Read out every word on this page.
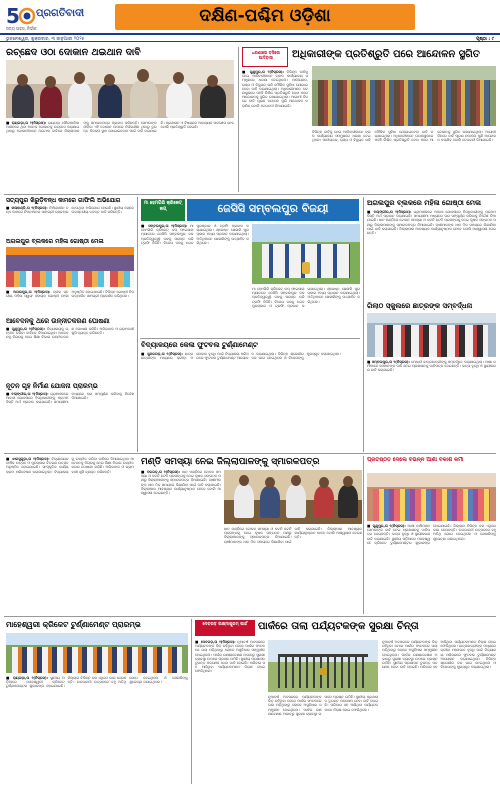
5 ପ୍ରଗତିବାଦୀ
ସତ୍ୟ ସାହସ, ନିର୍ଭୀକ
ଦକ୍ଷିଣ-ପଶ୍ଚିମ ଓଡ଼ିଶା
ଭୁବନେଶ୍ୱର, ଶୁକ୍ରବାର, ୩ ଜାନୁଆରୀ ୨୦୨୫	ପୃଷ୍ଠା : ୯
ରଚ୍ଛେଦ ଓଠା ଦୋକାନ ଥଇଥାନ ଦାବି

■ ରାୟଗଡ଼ା,ତା ୨(ନିସ୍ରସ): ରାୟଗଡ଼ା ପୌରପାଳିକା ଅଧୀନରେ ଥିବା ଅନେକ ଦୋକାନକୁ ଉଚ୍ଛେଦ କରାଯାଇଥିବାରୁ ଦୋକାନୀମାନେ ଥଇଥାନ ଦାବିରେ ଜିଲ୍ଲାପାଳଙ୍କୁ ସ୍ମାରକପତ୍ର ପ୍ରଦାନ କରିଛନ୍ତି। ସେମାନଙ୍କ ଜୀବିକା ଏହି ଦୋକାନ ଉପରେ ନିର୍ଭରଶୀଳ ଥିବାରୁ ତୁରନ୍ତ ବିକଳ୍ପ ସ୍ଥାନ ଯୋଗାଇଦେବା ପାଇଁ ଦାବି କରାଯାଇଛି। ପ୍ରଶାସନ ଏ ବିଷୟରେ ଆବଶ୍ୟକ ପଦକ୍ଷେପ ନେବ ବୋଲି ପ୍ରତିଶ୍ରୁତି ଦେଇଛି।

ଧରଣାରେ ବସିଲେ ଆଦିବାସୀ	ଅଧିକାରୀଙ୍କ ପ୍ରତିଶ୍ରୁତି ପରେ ଆନ୍ଦୋଳନ ସ୍ଥଗିତ

■ ଗୁଣୁପୁର,ତା ୨(ନିସ୍ରସ): ବିଭିନ୍ନ ଦାବିକୁ ନେଇ ଆଦିବାସୀମାନେ ବ୍ଲକ କାର୍ଯ୍ୟାଳୟ ସମ୍ମୁଖରେ ଧରଣା ଦେଇଥିଲେ। ପାନୀୟଜଳ, ରାସ୍ତା ଓ ବିଦ୍ୟୁତ ଭଳି ମୌଳିକ ସୁବିଧା ଯୋଗାଇଦେବା ଦାବି କରାଯାଇଥିଲା। ଅଧିକାରୀମାନେ ଘଟଣାସ୍ଥଳରେ ପହଞ୍ଚି ଲିଖିତ ପ୍ରତିଶ୍ରୁତି ଦେବା ପରେ ଆନ୍ଦୋଳନକୁ ସ୍ଥଗିତ ରଖାଯାଇଥିଲା। ଆଗାମୀ ଦିନରେ ଦାବି ପୂରଣ ନହେଲେ ପୁଣି ଆନ୍ଦୋଳନ କରାଯିବ ବୋଲି ଚେତାବନୀ ଦିଆଯାଇଛି।

ବିଭିନ୍ନ ଦାବିକୁ ନେଇ ଆଦିବାସୀମାନେ ବ୍ଲକ କାର୍ଯ୍ୟାଳୟ ସମ୍ମୁଖରେ ଧରଣା ଦେଇଥିଲେ। ପାନୀୟଜଳ, ରାସ୍ତା ଓ ବିଦ୍ୟୁତ ଭଳି ମୌଳିକ ସୁବିଧା ଯୋଗାଇଦେବା ଦାବି କରାଯାଇଥିଲା। ଅଧିକାରୀମାନେ ଘଟଣାସ୍ଥଳରେ ପହଞ୍ଚି ଲିଖିତ ପ୍ରତିଶ୍ରୁତି ଦେବା ପରେ ଆନ୍ଦୋଳନକୁ ସ୍ଥଗିତ ରଖାଯାଇଥିଲା। ଆଗାମୀ ଦିନରେ ଦାବି ପୂରଣ ନହେଲେ ପୁଣି ଆନ୍ଦୋଳନ କରାଯିବ ବୋଲି ଚେତାବନୀ ଦିଆଯାଇଛି।

ସତ୍ୟପୁର ଖିରୁଡ଼ିବନ୍ଧ କାମରେ ଗାଫିଲି ଅଭିଯୋଗ

■ କଳାହାଣ୍ଡି,ତା ୨(ନିସ୍ରସ): ନିର୍ମାଣାଧୀନ ବନ୍ଧ କାମରେ ନିମ୍ନମାନର ସାମଗ୍ରୀ ବ୍ୟବହାର ହେଉଥିବା ଅଭିଯୋଗ ହୋଇଛି। ସ୍ଥାନୀୟ ଲୋକେ ଉଚ୍ଚସ୍ତରୀୟ ତଦନ୍ତ ଦାବି କରିଛନ୍ତି।

ଅଗଲପୁର ବ୍ଲକରେ ମହିଳା ଗୋଷ୍ଠୀ ମେଳା

■ ଅଗଲପୁର,ତା ୨(ନିସ୍ରସ): ବ୍ଲକ ସ୍ତରୀୟ ମହିଳା ସ୍ୱୟଂ ସହାୟକ ଗୋଷ୍ଠୀ ମେଳା ଅନୁଷ୍ଠିତ ହୋଇଯାଇଛି। ବିଭିନ୍ନ ଗୋଷ୍ଠୀ ନିଜ ଉତ୍ପାଦିତ ସାମଗ୍ରୀ ପ୍ରଦର୍ଶନ କରିଥିଲେ।

ଆବେଦନକୁ ଥରେ ଉନ୍ନୀତକରଣ ଘୋଷଣା

■ ଗୁଣୁପୁର,ତା ୨(ନିସ୍ରସ): ବିଦ୍ୟାଳୟକୁ ଉନ୍ନୀତ କରିବା ଦାବିରେ ଦିଆଯାଇଥିବା ଆବେଦନକୁ ବିଚାରକୁ ନେଇ ଶିକ୍ଷା ବିଭାଗ ଉନ୍ନୀତକରଣ ଘୋଷଣା କରିଛି। ଅଭିଭାବକ ଓ ଗ୍ରାମବାସୀ ଖୁସି ବ୍ୟକ୍ତ କରିଛନ୍ତି।

ନୂତନ ଗୃହ ନିର୍ମାଣ ଯୋଜନା ପ୍ରାରମ୍ଭ

■ ବଲାଙ୍ଗୀର,ତା ୨(ନିସ୍ରସ): ଗ୍ରାମାଞ୍ଚଳରେ ଆବାସ ଯୋଜନାରେ ହିତାଧିକାରୀଙ୍କୁ ପ୍ରଥମ କିସ୍ତି ଅର୍ଥ ପ୍ରଦାନ କରାଯାଇଛି। ସମୟସୀମା ମଧ୍ୟରେ ଘର ସମ୍ପୂର୍ଣ୍ଣ କରିବାକୁ ନିର୍ଦ୍ଦେଶ ଦିଆଯାଇଛି।

ମା ହେମଗିରି କ୍ରିକେଟ୍ କପ୍	ଜେସିସି ସମ୍ବଲପୁର ବିଜୟୀ

■ ସମ୍ବଲପୁର,ତା ୨(ନିସ୍ରସ): ମା ହେମଗିରି କ୍ରିକେଟ୍ କପ୍ ଫାଇନାଲ ମ୍ୟାଚରେ ଜେସିସି ସମ୍ବଲପୁର ଦଳ ପ୍ରତିଦ୍ୱନ୍ଦ୍ୱୀ ଦଳକୁ ପରାସ୍ତ କରି ଟ୍ରଫି ଜିତିଛି। ବିଜେତା ଦଳକୁ ନଗଦ ପୁରସ୍କାର ଓ ଟ୍ରଫି ପ୍ରଦାନ କରାଯାଇଥିଲା। ଶ୍ରେଷ୍ଠ ଖେଳାଳି ପୁରସ୍କାର ମଧ୍ୟ ପ୍ରଦାନ କରାଯାଇଥିଲା। ଅତିଥିମାନେ ଖେଳାଳିଙ୍କୁ ଉତ୍ସାହିତ କରିଥିଲେ।

ମା ହେମଗିରି କ୍ରିକେଟ୍ କପ୍ ଫାଇନାଲ ମ୍ୟାଚରେ ଜେସିସି ସମ୍ବଲପୁର ଦଳ ପ୍ରତିଦ୍ୱନ୍ଦ୍ୱୀ ଦଳକୁ ପରାସ୍ତ କରି ଟ୍ରଫି ଜିତିଛି। ବିଜେତା ଦଳକୁ ନଗଦ ପୁରସ୍କାର ଓ ଟ୍ରଫି ପ୍ରଦାନ କରାଯାଇଥିଲା। ଶ୍ରେଷ୍ଠ ଖେଳାଳି ପୁରସ୍କାର ମଧ୍ୟ ପ୍ରଦାନ କରାଯାଇଥିଲା। ଅତିଥିମାନେ ଖେଳାଳିଙ୍କୁ ଉତ୍ସାହିତ କରିଥିଲେ।

ବିଦ୍ୟାଳୟରେ କେଳା ଫୁଟବଲ ଟୁର୍ଣ୍ଣାମେଣ୍ଟ

■ ସୁନ୍ଦରଗଡ଼,ତା ୨(ନିସ୍ରସ): ଛାତ୍ରଛାତ୍ରୀଙ୍କ ମଧ୍ୟରେ କ୍ରୀଡ଼ା ମନୋଭାବ ବୃଦ୍ଧି ପାଇଁ ବିଦ୍ୟାଳୟ ପରିସରରେ ଫୁଟବଲ ଟୁର୍ଣ୍ଣାମେଣ୍ଟ ଆୟୋଜନ କରାଯାଇଥିଲା। ବିଭିନ୍ନ ଶ୍ରେଣୀର ଦଳ ଭାଗ ନେଇଥିଲେ ଓ ବିଜେତାଙ୍କୁ ପୁରସ୍କୃତ କରାଯାଇଥିଲା।

ଅଗଲପୁର ବ୍ଲକରେ ମହିଳା ଗୋଷ୍ଠୀ ମେଳା

■ ବଲାଙ୍ଗୀର,ତା ୨(ନିସ୍ରସ): ଗ୍ରାମାଞ୍ଚଳରେ ଆବାସ ଯୋଜନାରେ ହିତାଧିକାରୀଙ୍କୁ ପ୍ରଥମ କିସ୍ତି ଅର୍ଥ ପ୍ରଦାନ କରାଯାଇଛି। ସମୟସୀମା ମଧ୍ୟରେ ଘର ସମ୍ପୂର୍ଣ୍ଣ କରିବାକୁ ନିର୍ଦ୍ଦେଶ ଦିଆଯାଇଛି। ଧାନ ମଣ୍ଡିରେ ଟୋକନ ସମସ୍ୟା ଓ କଟନି ଛଟନି ପ୍ରସଙ୍ଗକୁ ନେଇ କୃଷକ ସଙ୍ଗଠନ ପକ୍ଷରୁ ଜିଲ୍ଲାପାଳଙ୍କୁ ସ୍ମାରକପତ୍ର ଦିଆଯାଇଛି। ଚାଷୀମାନଙ୍କ ଧାନ ଠିକ ସମୟରେ କିଣାଯିବା ପାଇଁ ଦାବି କରାଯାଇଛି। ଜିଲ୍ଲାପାଳ ଆବଶ୍ୟକ କାର୍ଯ୍ୟାନୁଷ୍ଠାନ ନେବେ ବୋଲି ଆଶ୍ୱାସନା ଦେଇଛନ୍ତି।

ଗିଲାଠ ସ୍କୁଲରେ ଛାତ୍ରଙ୍କ ସମ୍ବର୍ଦ୍ଧନା

■ ସମ୍ବଲପୁର,ତା ୨(ନିସ୍ରସ): ମେଧାବୀ ଛାତ୍ରଛାତ୍ରୀଙ୍କୁ ସମ୍ବର୍ଦ୍ଧିତ କରାଯାଇଥିଲା। ଆଶା କର୍ମୀମାନେ ସେମାନଙ୍କ ଦାବି ନେଇ ପ୍ରଶାସନକୁ ଦାବିପତ୍ର ଦେଇଛନ୍ତି। ଭତ୍ତା ବୃଦ୍ଧି ଓ ସ୍ଥାୟୀକରଣ ଦାବି କରାଯାଇଛି।

■ ଝାରସୁଗୁଡ଼ା,ତା ୨(ନିସ୍ରସ): ବିଦ୍ୟାଳୟର ବାର୍ଷିକ ଉତ୍ସବ ଓ ପୁରସ୍କାର ବିତରଣ ଉତ୍ସବ ଅନୁଷ୍ଠିତ ହୋଇଯାଇଛି। ସାଂସ୍କୃତିକ କାର୍ଯ୍ୟକ୍ରମ ପରିବେଷଣ କରାଯାଇଥିଲା। ବିଦ୍ୟାଳୟକୁ ଉନ୍ନୀତ କରିବା ଦାବିରେ ଦିଆଯାଇଥିବା ଆବେଦନକୁ ବିଚାରକୁ ନେଇ ଶିକ୍ଷା ବିଭାଗ ଉନ୍ନୀତକରଣ ଘୋଷଣା କରିଛି। ଅଭିଭାବକ ଓ ଗ୍ରାମବାସୀ ଖୁସି ବ୍ୟକ୍ତ କରିଛନ୍ତି।

ମଣ୍ଡି ସମସ୍ୟା ନେଇ ଜିଲ୍ଲାପାଳଙ୍କୁ ସ୍ମାରକପତ୍ର

■ ବରଗଡ଼,ତା ୨(ନିସ୍ରସ): ଧାନ ମଣ୍ଡିରେ ଟୋକନ ସମସ୍ୟା ଓ କଟନି ଛଟନି ପ୍ରସଙ୍ଗକୁ ନେଇ କୃଷକ ସଙ୍ଗଠନ ପକ୍ଷରୁ ଜିଲ୍ଲାପାଳଙ୍କୁ ସ୍ମାରକପତ୍ର ଦିଆଯାଇଛି। ଚାଷୀମାନଙ୍କ ଧାନ ଠିକ ସମୟରେ କିଣାଯିବା ପାଇଁ ଦାବି କରାଯାଇଛି। ଜିଲ୍ଲାପାଳ ଆବଶ୍ୟକ କାର୍ଯ୍ୟାନୁଷ୍ଠାନ ନେବେ ବୋଲି ଆଶ୍ୱାସନା ଦେଇଛନ୍ତି।

ଧାନ ମଣ୍ଡିରେ ଟୋକନ ସମସ୍ୟା ଓ କଟନି ଛଟନି ପ୍ରସଙ୍ଗକୁ ନେଇ କୃଷକ ସଙ୍ଗଠନ ପକ୍ଷରୁ ଜିଲ୍ଲାପାଳଙ୍କୁ ସ୍ମାରକପତ୍ର ଦିଆଯାଇଛି। ଚାଷୀମାନଙ୍କ ଧାନ ଠିକ ସମୟରେ କିଣାଯିବା ପାଇଁ ଦାବି କରାଯାଇଛି। ଜିଲ୍ଲାପାଳ ଆବଶ୍ୟକ କାର୍ଯ୍ୟାନୁଷ୍ଠାନ ନେବେ ବୋଲି ଆଶ୍ୱାସନା ଦେଇଛନ୍ତି।

ପ୍ରତିଷ୍ଠିତ ଦେଲେ ବିଭିନ୍ନ ଆଶା ବିକାଶ କର୍ମୀ

■ ଗୁଣୁପୁର,ତା ୨(ନିସ୍ରସ): ଆଶା କର୍ମୀମାନେ ସେମାନଙ୍କ ଦାବି ନେଇ ପ୍ରଶାସନକୁ ଦାବିପତ୍ର ଦେଇଛନ୍ତି। ଭତ୍ତା ବୃଦ୍ଧି ଓ ସ୍ଥାୟୀକରଣ ଦାବି କରାଯାଇଛି। ସ୍ଥାନୀୟ ପଡ଼ିଆରେ ମାହେଶ୍ୱରୀ କ୍ରିକେଟ ଟୁର୍ଣ୍ଣାମେଣ୍ଟର ଶୁଭାରମ୍ଭ ହୋଇଯାଇଛି। ଜିଲ୍ଲାର ବିଭିନ୍ନ ଦଳ ଏଥିରେ ଭାଗ ନେଉଛନ୍ତି। ଉଦଘାଟନୀ ଉତ୍ସବରେ ବହୁ ଅତିଥି ଯୋଗ ଦେଇଥିଲେ ଓ ଖେଳାଳିଙ୍କୁ ଶୁଭେଚ୍ଛା ଜଣାଇଥିଲେ।

ମାହେଶ୍ୱରୀ କ୍ରିକେଟ ଟୁର୍ଣ୍ଣାମେଣ୍ଟ ପ୍ରାରମ୍ଭ

■ ରାୟଗଡ଼ା,ତା ୨(ନିସ୍ରସ): ସ୍ଥାନୀୟ ପଡ଼ିଆରେ ମାହେଶ୍ୱରୀ କ୍ରିକେଟ ଟୁର୍ଣ୍ଣାମେଣ୍ଟର ଶୁଭାରମ୍ଭ ହୋଇଯାଇଛି। ଜିଲ୍ଲାର ବିଭିନ୍ନ ଦଳ ଏଥିରେ ଭାଗ ନେଉଛନ୍ତି। ଉଦଘାଟନୀ ଉତ୍ସବରେ ବହୁ ଅତିଥି ଯୋଗ ଦେଇଥିଲେ ଓ ଖେଳାଳିଙ୍କୁ ଶୁଭେଚ୍ଛା ଜଣାଇଥିଲେ।

ଦେବଗଡ଼ ଲକ୍ଷ୍ମୀପୁରମ୍ ପାର୍କ	ପାର୍କରେ ତାଲା ପର୍ଯ୍ୟଟକଙ୍କ ସୁରକ୍ଷା ଚିନ୍ତା

■ ଦେବଗଡ଼,ତା ୨(ନିସ୍ରସ): ନୂଆବର୍ଷ ଅବସରରେ ପର୍ଯ୍ୟଟକଙ୍କ ଭିଡ଼ ରହିଥିବା ବେଳେ ପାର୍କର ଫାଟକରେ ତାଲା ପଡ଼ିଥିବାରୁ ଲୋକେ ଅସୁବିଧାର ସମ୍ମୁଖୀନ ହୋଇଥିଲେ। ପାର୍କର ରକ୍ଷଣାବେକ୍ଷଣ ଅଭାବରୁ ସୁରକ୍ଷା ବ୍ୟବସ୍ଥା ଉପରେ ପ୍ରଶ୍ନ ଉଠିଛି। ସ୍ଥାନୀୟ ପ୍ରଶାସନ ତୁରନ୍ତ ପଦକ୍ଷେପ ନେବା ଦାବି ହୋଇଛି। ପରିବାର ସହ ଆସିଥିବା ପର୍ଯ୍ୟଟକମାନେ ନିରାଶ ହୋଇ ଫେରିଥିଲେ।

ନୂଆବର୍ଷ ଅବସରରେ ପର୍ଯ୍ୟଟକଙ୍କ ଭିଡ଼ ରହିଥିବା ବେଳେ ପାର୍କର ଫାଟକରେ ତାଲା ପଡ଼ିଥିବାରୁ ଲୋକେ ଅସୁବିଧାର ସମ୍ମୁଖୀନ ହୋଇଥିଲେ। ପାର୍କର ରକ୍ଷଣାବେକ୍ଷଣ ଅଭାବରୁ ସୁରକ୍ଷା ବ୍ୟବସ୍ଥା ଉପରେ ପ୍ରଶ୍ନ ଉଠିଛି। ସ୍ଥାନୀୟ ପ୍ରଶାସନ ତୁରନ୍ତ ପଦକ୍ଷେପ ନେବା ଦାବି ହୋଇଛି। ପରିବାର ସହ ଆସିଥିବା ପର୍ଯ୍ୟଟକମାନେ ନିରାଶ ହୋଇ ଫେରିଥିଲେ।

ନୂଆବର୍ଷ ଅବସରରେ ପର୍ଯ୍ୟଟକଙ୍କ ଭିଡ଼ ରହିଥିବା ବେଳେ ପାର୍କର ଫାଟକରେ ତାଲା ପଡ଼ିଥିବାରୁ ଲୋକେ ଅସୁବିଧାର ସମ୍ମୁଖୀନ ହୋଇଥିଲେ। ପାର୍କର ରକ୍ଷଣାବେକ୍ଷଣ ଅଭାବରୁ ସୁରକ୍ଷା ବ୍ୟବସ୍ଥା ଉପରେ ପ୍ରଶ୍ନ ଉଠିଛି। ସ୍ଥାନୀୟ ପ୍ରଶାସନ ତୁରନ୍ତ ପଦକ୍ଷେପ ନେବା ଦାବି ହୋଇଛି। ପରିବାର ସହ ଆସିଥିବା ପର୍ଯ୍ୟଟକମାନେ ନିରାଶ ହୋଇ ଫେରିଥିଲେ। ଛାତ୍ରଛାତ୍ରୀଙ୍କ ମଧ୍ୟରେ କ୍ରୀଡ଼ା ମନୋଭାବ ବୃଦ୍ଧି ପାଇଁ ବିଦ୍ୟାଳୟ ପରିସରରେ ଫୁଟବଲ ଟୁର୍ଣ୍ଣାମେଣ୍ଟ ଆୟୋଜନ କରାଯାଇଥିଲା। ବିଭିନ୍ନ ଶ୍ରେଣୀର ଦଳ ଭାଗ ନେଇଥିଲେ ଓ ବିଜେତାଙ୍କୁ ପୁରସ୍କୃତ କରାଯାଇଥିଲା।
